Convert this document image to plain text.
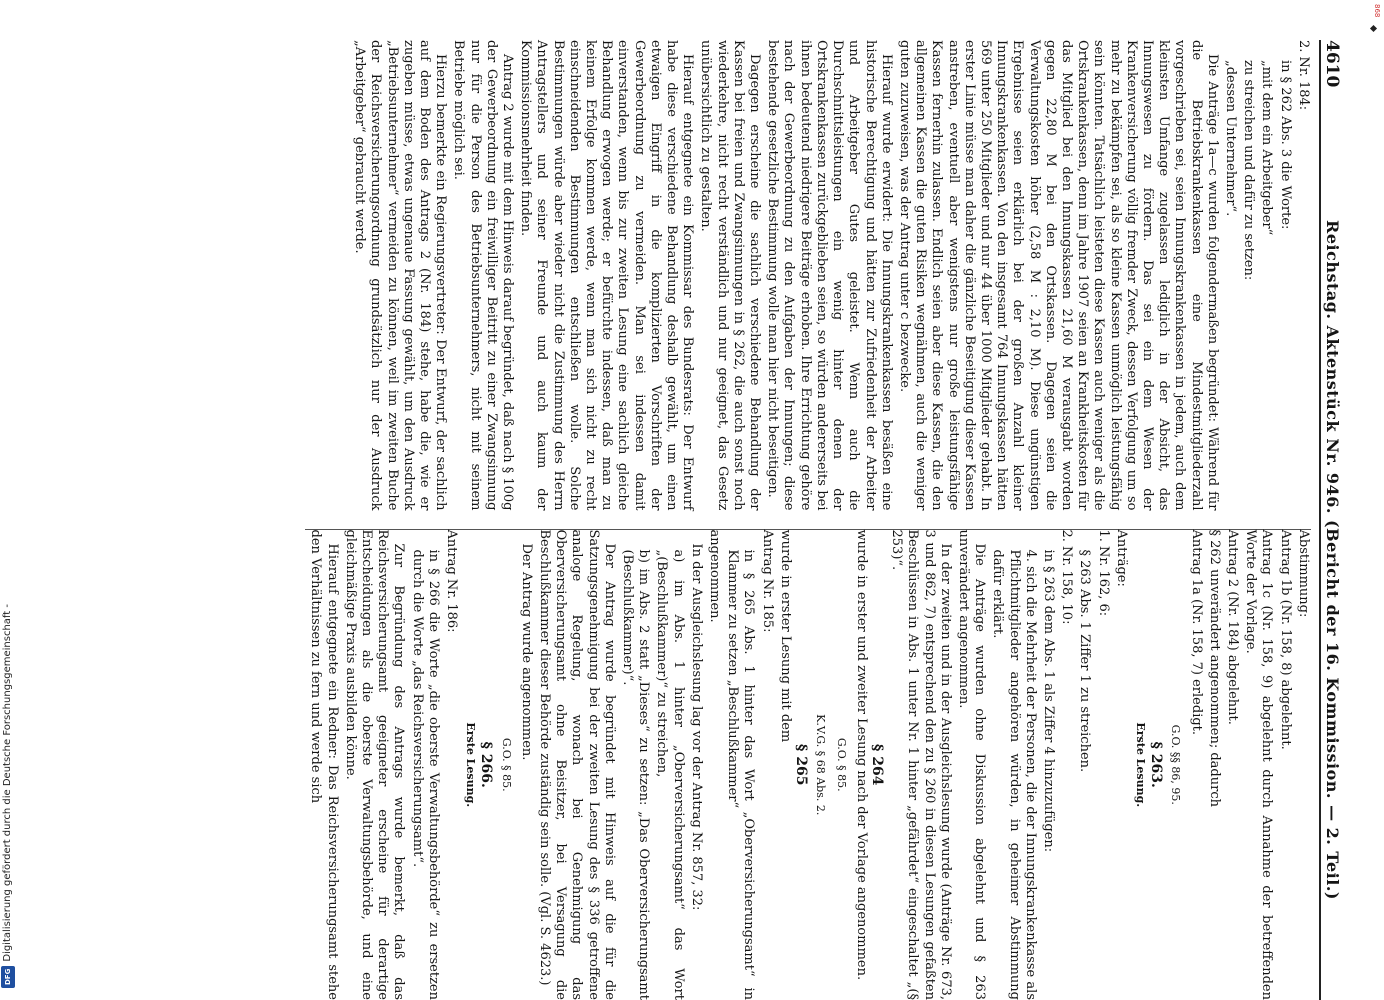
868
Digitalisierung gefördert durch die Deutsche Forschungsgemeinschaft -
DFG
4610
Reichstag. Aktenstück Nr. 946. (Bericht der 16. Kommission. — 2. Teil.)

2. Nr. 184:

in § 262 Abs. 3 die Worte:

„mit dem ein Arbeitgeber“

zu streichen und dafür zu setzen:

„dessen Unternehmer“.

Die Anträge 1a—c wurden folgendermaßen begründet: Während für die Betriebskrankenkassen eine Mindestmitgliederzahl vorgeschrieben sei, seien Innungskrankenkassen in jedem, auch dem kleinsten Umfange zugelassen lediglich in der Absicht, das Innungswesen zu fördern. Das sei ein dem Wesen der Krankenversicherung völlig fremder Zweck, dessen Verfolgung um so mehr zu bekämpfen sei, als so kleine Kassen unmöglich leistungsfähig sein könnten. Tatsächlich leisteten diese Kassen auch weniger als die Ortskrankenkassen, denn im Jahre 1907 seien an Krankheitskosten für das Mitglied bei den Innungskassen 21,60 M verausgabt worden gegen 22,80 M bei den Ortskassen. Dagegen seien die Verwaltungskosten höher (2,58 M : 2,10 M). Diese ungünstigen Ergebnisse seien erklärlich bei der großen Anzahl kleiner Innungskrankenkassen. Von den insgesamt 764 Innungskassen hätten 569 unter 250 Mitglieder und nur 44 über 1000 Mitglieder gehabt. In erster Linie müsse man daher die gänzliche Beseitigung dieser Kassen anstreben, eventuell aber wenigstens nur große leistungsfähige Kassen fernerhin zulassen. Endlich seien aber diese Kassen, die den allgemeinen Kassen die guten Risiken wegnähmen, auch die weniger guten zuzuweisen, was der Antrag unter c bezwecke.

Hierauf wurde erwidert: Die Innungskrankenkassen besäßen eine historische Berechtigung und hätten zur Zufriedenheit der Arbeiter und Arbeitgeber Gutes geleistet. Wenn auch die Durchschnittsleistungen ein wenig hinter denen der Ortskrankenkassen zurückgeblieben seien, so würden andererseits bei ihnen bedeutend niedrigere Beiträge erhoben. Ihre Errichtung gehöre nach der Gewerbeordnung zu den Aufgaben der Innungen; diese bestehende gesetzliche Bestimmung wolle man hier nicht beseitigen.

Dagegen erscheine die sachlich verschiedene Behandlung der Kassen bei freien und Zwangsinnungen in § 262, die auch sonst noch wiederkehre, nicht recht verständlich und nur geeignet, das Gesetz unübersichtlich zu gestalten.

Hierauf entgegnete ein Kommissar des Bundesrats: Der Entwurf habe diese verschiedene Behandlung deshalb gewählt, um einen etwaigen Eingriff in die komplizierten Vorschriften der Gewerbeordnung zu vermeiden. Man sei indessen damit einverstanden, wenn bis zur zweiten Lesung eine sachlich gleiche Behandlung erwogen werde; er befürchte indessen, daß man zu keinem Erfolge kommen werde, wenn man sich nicht zu recht einschneidenden Bestimmungen entschließen wolle. Solche Bestimmungen würde aber wieder nicht die Zustimmung des Herrn Antragstellers und seiner Freunde und auch kaum der Kommissionsmehrheit finden.

Antrag 2 wurde mit dem Hinweis darauf begründet, daß nach § 100g der Gewerbeordnung ein freiwilliger Beitritt zu einer Zwangsinnung nur für die Person des Betriebsunternehmers, nicht mit seinem Betriebe möglich sei.

Hierzu bemerkte ein Regierungsvertreter: Der Entwurf, der sachlich auf dem Boden des Antrags 2 (Nr. 184) stehe, habe die, wie er zugeben müsse, etwas ungenaue Fassung gewählt, um den Ausdruck „Betriebsunternehmer“ vermeiden zu können, weil im zweiten Buche der Reichsversicherungsordnung grundsätzlich nur der Ausdruck „Arbeitgeber“ gebraucht werde.

Abstimmung:

Antrag 1b (Nr. 158, 8) abgelehnt.

Antrag 1c (Nr. 158, 9) abgelehnt durch Annahme der betreffenden Worte der Vorlage.

Antrag 2 (Nr. 184) abgelehnt.

§ 262 unverändert angenommen; dadurch

Antrag 1a (Nr. 158, 7) erledigt.

G.O. §§ 86, 95.
§ 263.
Erste Lesung.

Anträge:

1. Nr. 162, 6:

§ 263 Abs. 1 Ziffer 1 zu streichen.

2. Nr. 158, 10:

in § 263 dem Abs. 1 als Ziffer 4 hinzuzufügen:

4. sich die Mehrheit der Personen, die der Innungskrankenkasse als Pflichtmitglieder angehören würden, in geheimer Abstimmung dafür erklärt.

Die Anträge wurden ohne Diskussion abgelehnt und § 263 unverändert angenommen.

In der zweiten und in der Ausgleichslesung wurde (Anträge Nr. 673, 3 und 862, 7) entsprechend den zu § 260 in diesen Lesungen gefaßten Beschlüssen in Abs. 1 unter Nr. 1 hinter „gefährdet“ eingeschaltet „(§ 253)“.

§ 264

wurde in erster und zweiter Lesung nach der Vorlage angenommen.

G.O. § 85.
K.V.G. § 68 Abs. 2.
§ 265

wurde in erster Lesung mit dem

Antrag Nr. 185:

in § 265 Abs. 1 hinter das Wort „Oberversicherungsamt“ in Klammer zu setzen „Beschlußkammer“

angenommen.

In der Ausgleichslesung lag vor der Antrag Nr. 857, 32:

a) im Abs. 1 hinter „Oberversicherungsamt“ das Wort „(Beschlußkammer)“ zu streichen,

b) im Abs. 2 statt „Dieses“ zu setzen: „Das Oberversicherungsamt (Beschlußkammer)“.

Der Antrag wurde begründet mit Hinweis auf die für die Satzungsgenehmigung bei der zweiten Lesung des § 336 getroffene analoge Regelung, wonach bei Genehmigung das Oberversicherungsamt ohne Beisitzer, bei Versagung die Beschlußkammer dieser Behörde zuständig sein solle. (Vgl. S. 4623.)

Der Antrag wurde angenommen.

G.O. § 85.
§ 266.
Erste Lesung.

Antrag Nr. 186:

in § 266 die Worte „die oberste Verwaltungsbehörde“ zu ersetzen durch die Worte „das Reichsversicherungsamt“.

Zur Begründung des Antrags wurde bemerkt, daß das Reichsversicherungsamt geeigneter erscheine für derartige Entscheidungen als die oberste Verwaltungsbehörde, und eine gleichmäßige Praxis ausbilden könne.

Hierauf entgegnete ein Redner: Das Reichsversicherungsamt stehe den Verhältnissen zu fern und werde sich
